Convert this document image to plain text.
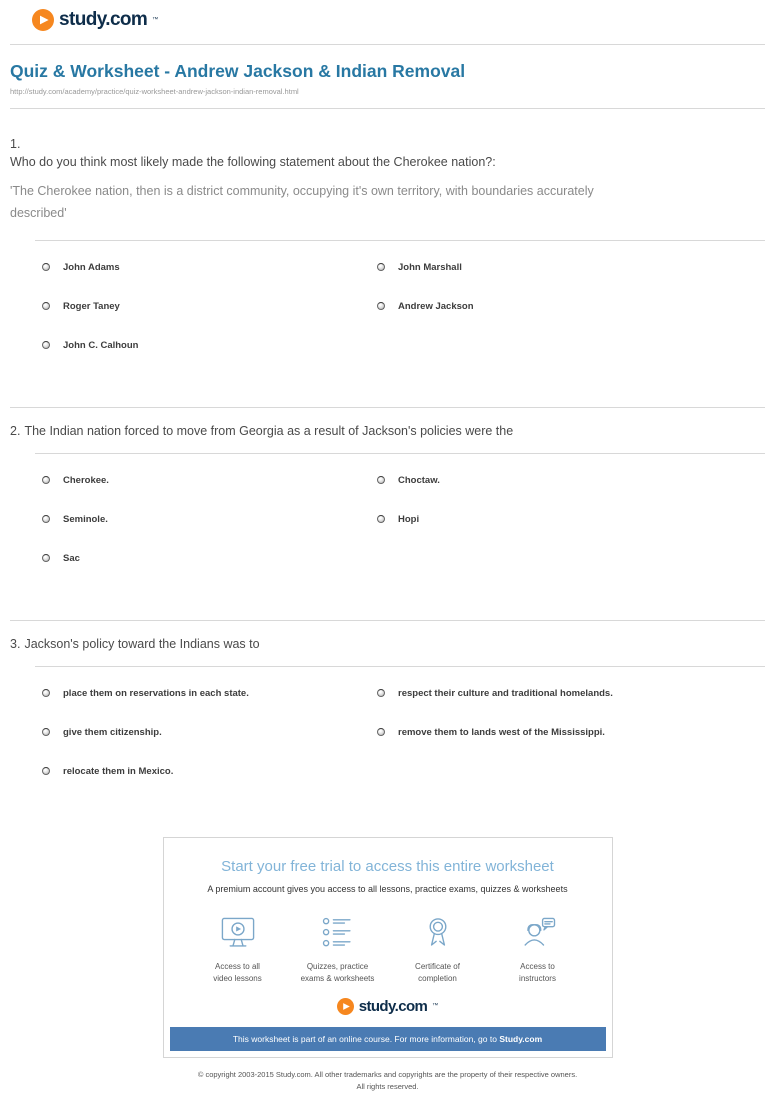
study.com ™
Quiz & Worksheet - Andrew Jackson & Indian Removal
http://study.com/academy/practice/quiz-worksheet-andrew-jackson-indian-removal.html
1.
Who do you think most likely made the following statement about the Cherokee nation?:
'The Cherokee nation, then is a district community, occupying it's own territory, with boundaries accurately described'
John Adams	John Marshall
Roger Taney	Andrew Jackson
John C. Calhoun
2. The Indian nation forced to move from Georgia as a result of Jackson's policies were the
Cherokee.	Choctaw.
Seminole.	Hopi
Sac
3. Jackson's policy toward the Indians was to
place them on reservations in each state.	respect their culture and traditional homelands.
give them citizenship.	remove them to lands west of the Mississippi.
relocate them in Mexico.
Start your free trial to access this entire worksheet
A premium account gives you access to all lessons, practice exams, quizzes & worksheets
Access to all
video lessons
Quizzes, practice
exams & worksheets
Certificate of
completion
Access to
instructors
study.com ™
This worksheet is part of an online course. For more information, go to Study.com
© copyright 2003-2015 Study.com. All other trademarks and copyrights are the property of their respective owners.
All rights reserved.
